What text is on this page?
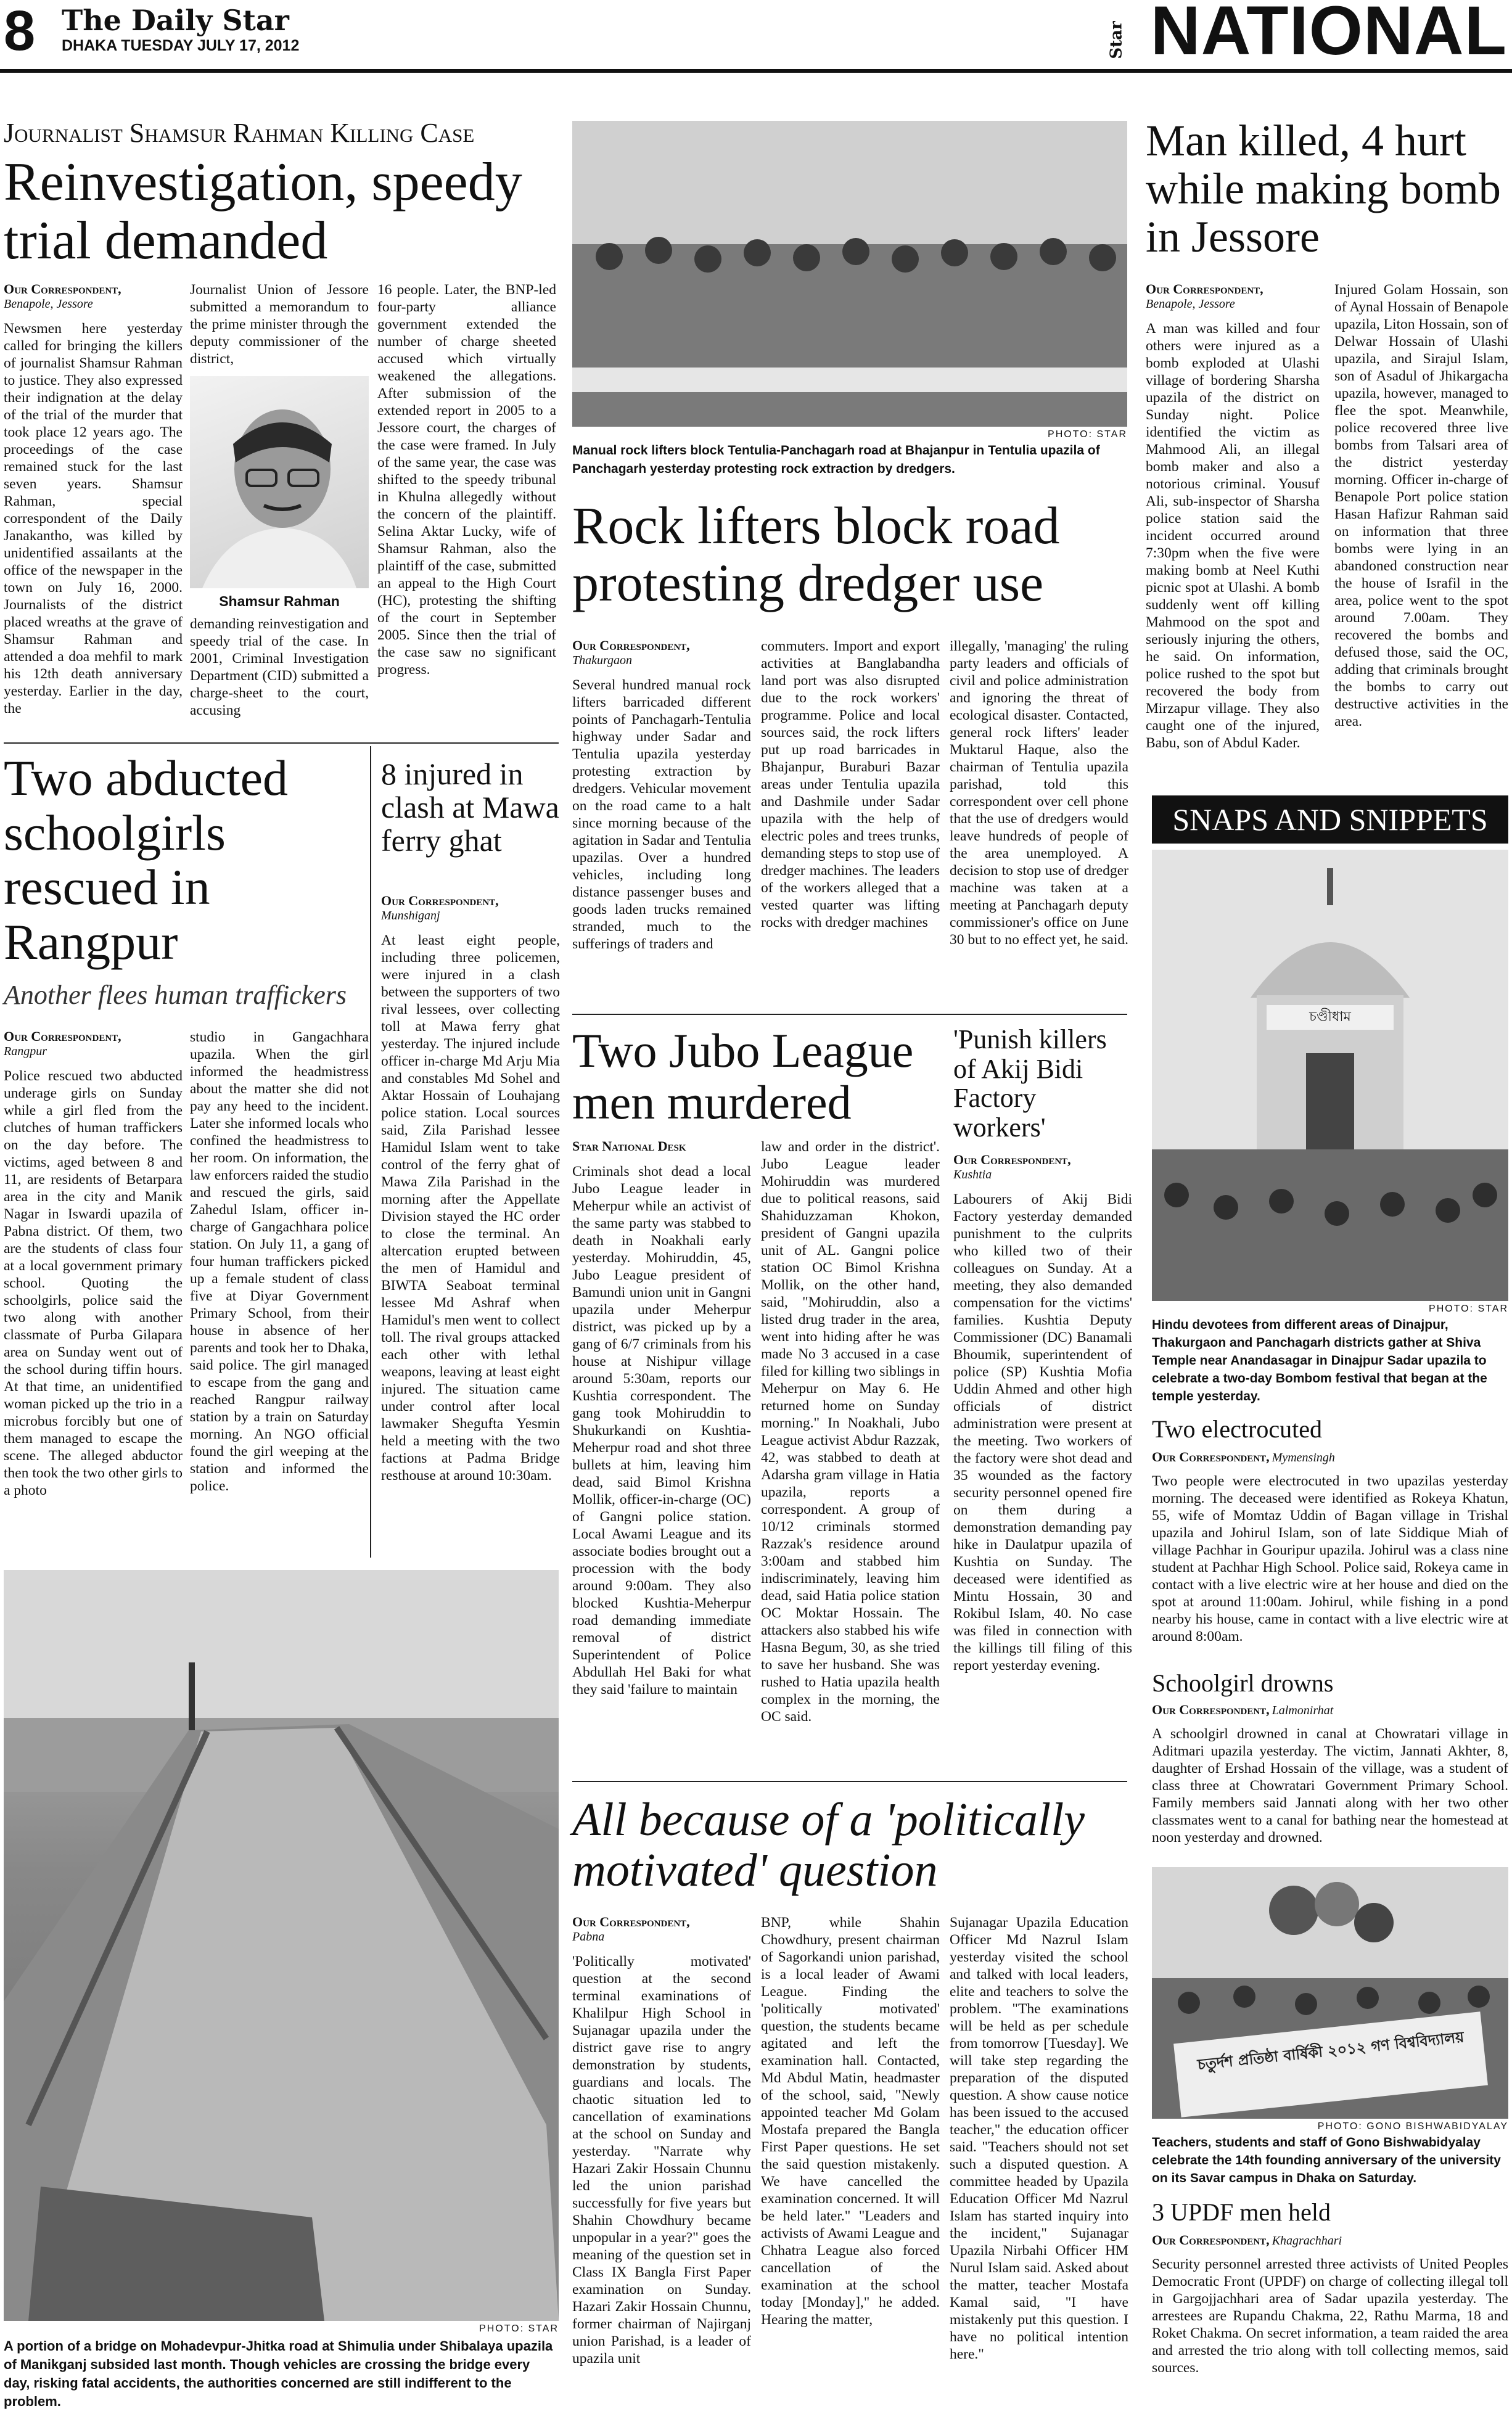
8 The Daily Star
DHAKA TUESDAY JULY 17, 2012	Star NATIONAL
Journalist Shamsur Rahman Killing Case
Reinvestigation, speedy trial demanded
Our Correspondent,
Benapole, Jessore
Newsmen here yesterday called for bringing the killers of journalist Shamsur Rahman to justice. They also expressed their indignation at the delay of the trial of the murder that took place 12 years ago. The proceedings of the case remained stuck for the last seven years. Shamsur Rahman, special correspondent of the Daily Janakantho, was killed by unidentified assailants at the office of the newspaper in the town on July 16, 2000. Journalists of the district placed wreaths at the grave of Shamsur Rahman and attended a doa mehfil to mark his 12th death anniversary yesterday. Earlier in the day, the
Journalist Union of Jessore submitted a memorandum to the prime minister through the deputy commissioner of the district,
Shamsur Rahman
demanding reinvestigation and speedy trial of the case. In 2001, Criminal Investigation Department (CID) submitted a charge-sheet to the court, accusing
16 people. Later, the BNP-led four-party alliance government extended the number of charge sheeted accused which virtually weakened the allegations. After submission of the extended report in 2005 to a Jessore court, the charges of the case were framed. In July of the same year, the case was shifted to the speedy tribunal in Khulna allegedly without the concern of the plaintiff. Selina Aktar Lucky, wife of Shamsur Rahman, also the plaintiff of the case, submitted an appeal to the High Court (HC), protesting the shifting of the court in September 2005. Since then the trial of the case saw no significant progress.
Two abducted schoolgirls rescued in Rangpur
Another flees human traffickers
Our Correspondent,
Rangpur
Police rescued two abducted underage girls on Sunday while a girl fled from the clutches of human traffickers on the day before. The victims, aged between 8 and 11, are residents of Betarpara area in the city and Manik Nagar in Iswardi upazila of Pabna district. Of them, two are the students of class four at a local government primary school. Quoting the schoolgirls, police said the two along with another classmate of Purba Gilapara area on Sunday went out of the school during tiffin hours. At that time, an unidentified woman picked up the trio in a microbus forcibly but one of them managed to escape the scene. The alleged abductor then took the two other girls to a photo
studio in Gangachhara upazila. When the girl informed the headmistress about the matter she did not pay any heed to the incident. Later she informed locals who confined the headmistress to her room. On information, the law enforcers raided the studio and rescued the girls, said Zahedul Islam, officer in-charge of Gangachhara police station. On July 11, a gang of four human traffickers picked up a female student of class five at Diyar Government Primary School, from their house in absence of her parents and took her to Dhaka, said police. The girl managed to escape from the gang and reached Rangpur railway station by a train on Saturday morning. An NGO official found the girl weeping at the station and informed the police.
8 injured in clash at Mawa ferry ghat
Our Correspondent,
Munshiganj
At least eight people, including three policemen, were injured in a clash between the supporters of two rival lessees, over collecting toll at Mawa ferry ghat yesterday. The injured include officer in-charge Md Arju Mia and constables Md Sohel and Aktar Hossain of Louhajang police station. Local sources said, Zila Parishad lessee Hamidul Islam went to take control of the ferry ghat of Mawa Zila Parishad in the morning after the Appellate Division stayed the HC order to close the terminal. An altercation erupted between the men of Hamidul and BIWTA Seaboat terminal lessee Md Ashraf when Hamidul's men went to collect toll. The rival groups attacked each other with lethal weapons, leaving at least eight injured. The situation came under control after local lawmaker Shegufta Yesmin held a meeting with the two factions at Padma Bridge resthouse at around 10:30am.
PHOTO: STAR
A portion of a bridge on Mohadevpur-Jhitka road at Shimulia under Shibalaya upazila of Manikganj subsided last month. Though vehicles are crossing the bridge every day, risking fatal accidents, the authorities concerned are still indifferent to the problem.
PHOTO: STAR
Manual rock lifters block Tentulia-Panchagarh road at Bhajanpur in Tentulia upazila of Panchagarh yesterday protesting rock extraction by dredgers.
Rock lifters block road protesting dredger use
Our Correspondent,
Thakurgaon
Several hundred manual rock lifters barricaded different points of Panchagarh-Tentulia highway under Sadar and Tentulia upazila yesterday protesting extraction by dredgers. Vehicular movement on the road came to a halt since morning because of the agitation in Sadar and Tentulia upazilas. Over a hundred vehicles, including long distance passenger buses and goods laden trucks remained stranded, much to the sufferings of traders and
commuters. Import and export activities at Banglabandha land port was also disrupted due to the rock workers' programme. Police and local sources said, the rock lifters put up road barricades in Bhajanpur, Buraburi Bazar areas under Tentulia upazila and Dashmile under Sadar upazila with the help of electric poles and trees trunks, demanding steps to stop use of dredger machines. The leaders of the workers alleged that a vested quarter was lifting rocks with dredger machines
illegally, 'managing' the ruling party leaders and officials of civil and police administration and ignoring the threat of ecological disaster. Contacted, general rock lifters' leader Muktarul Haque, also the chairman of Tentulia upazila parishad, told this correspondent over cell phone that the use of dredgers would leave hundreds of people of the area unemployed. A decision to stop use of dredger machine was taken at a meeting at Panchagarh deputy commissioner's office on June 30 but to no effect yet, he said.
Two Jubo League men murdered
Star National Desk
Criminals shot dead a local Jubo League leader in Meherpur while an activist of the same party was stabbed to death in Noakhali early yesterday. Mohiruddin, 45, Jubo League president of Bamundi union unit in Gangni upazila under Meherpur district, was picked up by a gang of 6/7 criminals from his house at Nishipur village around 5:30am, reports our Kushtia correspondent. The gang took Mohiruddin to Shukurkandi on Kushtia-Meherpur road and shot three bullets at him, leaving him dead, said Bimol Krishna Mollik, officer-in-charge (OC) of Gangni police station. Local Awami League and its associate bodies brought out a procession with the body around 9:00am. They also blocked Kushtia-Meherpur road demanding immediate removal of district Superintendent of Police Abdullah Hel Baki for what they said 'failure to maintain
law and order in the district'. Jubo League leader Mohiruddin was murdered due to political reasons, said Shahiduzzaman Khokon, president of Gangni upazila unit of AL. Gangni police station OC Bimol Krishna Mollik, on the other hand, said, "Mohiruddin, also a listed drug trader in the area, went into hiding after he was made No 3 accused in a case filed for killing two siblings in Meherpur on May 6. He returned home on Sunday morning." In Noakhali, Jubo League activist Abdur Razzak, 42, was stabbed to death at Adarsha gram village in Hatia upazila, reports a correspondent. A group of 10/12 criminals stormed Razzak's residence around 3:00am and stabbed him indiscriminately, leaving him dead, said Hatia police station OC Moktar Hossain. The attackers also stabbed his wife Hasna Begum, 30, as she tried to save her husband. She was rushed to Hatia upazila health complex in the morning, the OC said.
'Punish killers of Akij Bidi Factory workers'
Our Correspondent,
Kushtia
Labourers of Akij Bidi Factory yesterday demanded punishment to the culprits who killed two of their colleagues on Sunday. At a meeting, they also demanded compensation for the victims' families. Kushtia Deputy Commissioner (DC) Banamali Bhoumik, superintendent of police (SP) Kushtia Mofia Uddin Ahmed and other high officials of district administration were present at the meeting. Two workers of the factory were shot dead and 35 wounded as the factory security personnel opened fire on them during a demonstration demanding pay hike in Daulatpur upazila of Kushtia on Sunday. The deceased were identified as Mintu Hossain, 30 and Rokibul Islam, 40. No case was filed in connection with the killings till filing of this report yesterday evening.
All because of a 'politically motivated' question
Our Correspondent,
Pabna
'Politically motivated' question at the second terminal examinations of Khalilpur High School in Sujanagar upazila under the district gave rise to angry demonstration by students, guardians and locals. The chaotic situation led to cancellation of examinations at the school on Sunday and yesterday. "Narrate why Hazari Zakir Hossain Chunnu led the union parishad successfully for five years but Shahin Chowdhury became unpopular in a year?" goes the meaning of the question set in Class IX Bangla First Paper examination on Sunday. Hazari Zakir Hossain Chunnu, former chairman of Najirganj union Parishad, is a leader of upazila unit
BNP, while Shahin Chowdhury, present chairman of Sagorkandi union parishad, is a local leader of Awami League. Finding the 'politically motivated' question, the students became agitated and left the examination hall. Contacted, Md Abdul Matin, headmaster of the school, said, "Newly appointed teacher Md Golam Mostafa prepared the Bangla First Paper questions. He set the said question mistakenly. We have cancelled the examination concerned. It will be held later." "Leaders and activists of Awami League and Chhatra League also forced cancellation of the examination at the school today [Monday]," he added. Hearing the matter,
Sujanagar Upazila Education Officer Md Nazrul Islam yesterday visited the school and talked with local leaders, elite and teachers to solve the problem. "The examinations will be held as per schedule from tomorrow [Tuesday]. We will take step regarding the preparation of the disputed question. A show cause notice has been issued to the accused teacher," the education officer said. "Teachers should not set such a disputed question. A committee headed by Upazila Education Officer Md Nazrul Islam has started inquiry into the incident," Sujanagar Upazila Nirbahi Officer HM Nurul Islam said. Asked about the matter, teacher Mostafa Kamal said, "I have mistakenly put this question. I have no political intention here."
Man killed, 4 hurt while making bomb in Jessore
Our Correspondent,
Benapole, Jessore
A man was killed and four others were injured as a bomb exploded at Ulashi village of bordering Sharsha upazila of the district on Sunday night. Police identified the victim as Mahmood Ali, an illegal bomb maker and also a notorious criminal. Yousuf Ali, sub-inspector of Sharsha police station said the incident occurred around 7:30pm when the five were making bomb at Neel Kuthi picnic spot at Ulashi. A bomb suddenly went off killing Mahmood on the spot and seriously injuring the others, he said. On information, police rushed to the spot but recovered the body from Mirzapur village. They also caught one of the injured, Babu, son of Abdul Kader.
Injured Golam Hossain, son of Aynal Hossain of Benapole upazila, Liton Hossain, son of Delwar Hossain of Ulashi upazila, and Sirajul Islam, son of Asadul of Jhikargacha upazila, however, managed to flee the spot. Meanwhile, police recovered three live bombs from Talsari area of the district yesterday morning. Officer in-charge of Benapole Port police station Hasan Hafizur Rahman said on information that three bombs were lying in an abandoned construction near the house of Israfil in the area, police went to the spot around 7.00am. They recovered the bombs and defused those, said the OC, adding that criminals brought the bombs to carry out destructive activities in the area.
SNAPS AND SNIPPETS
চণ্ডীধাম
PHOTO: STAR
Hindu devotees from different areas of Dinajpur, Thakurgaon and Panchagarh districts gather at Shiva Temple near Anandasagar in Dinajpur Sadar upazila to celebrate a two-day Bombom festival that began at the temple yesterday.
Two electrocuted
Our Correspondent, Mymensingh
Two people were electrocuted in two upazilas yesterday morning. The deceased were identified as Rokeya Khatun, 55, wife of Momtaz Uddin of Bagan village in Trishal upazila and Johirul Islam, son of late Siddique Miah of village Pachhar in Gouripur upazila. Johirul was a class nine student at Pachhar High School. Police said, Rokeya came in contact with a live electric wire at her house and died on the spot at around 11:00am. Johirul, while fishing in a pond nearby his house, came in contact with a live electric wire at around 8:00am.
Schoolgirl drowns
Our Correspondent, Lalmonirhat
A schoolgirl drowned in canal at Chowratari village in Aditmari upazila yesterday. The victim, Jannati Akhter, 8, daughter of Ershad Hossain of the village, was a student of class three at Chowratari Government Primary School. Family members said Jannati along with her two other classmates went to a canal for bathing near the homestead at noon yesterday and drowned.
চতুর্দশ প্রতিষ্ঠা বার্ষিকী ২০১২ গণ বিশ্ববিদ্যালয়
PHOTO: GONO BISHWABIDYALAY
Teachers, students and staff of Gono Bishwabidyalay celebrate the 14th founding anniversary of the university on its Savar campus in Dhaka on Saturday.
3 UPDF men held
Our Correspondent, Khagrachhari
Security personnel arrested three activists of United Peoples Democratic Front (UPDF) on charge of collecting illegal toll in Gargojjachhari area of Sadar upazila yesterday. The arrestees are Rupandu Chakma, 22, Rathu Marma, 18 and Roket Chakma. On secret information, a team raided the area and arrested the trio along with toll collecting memos, said sources.
